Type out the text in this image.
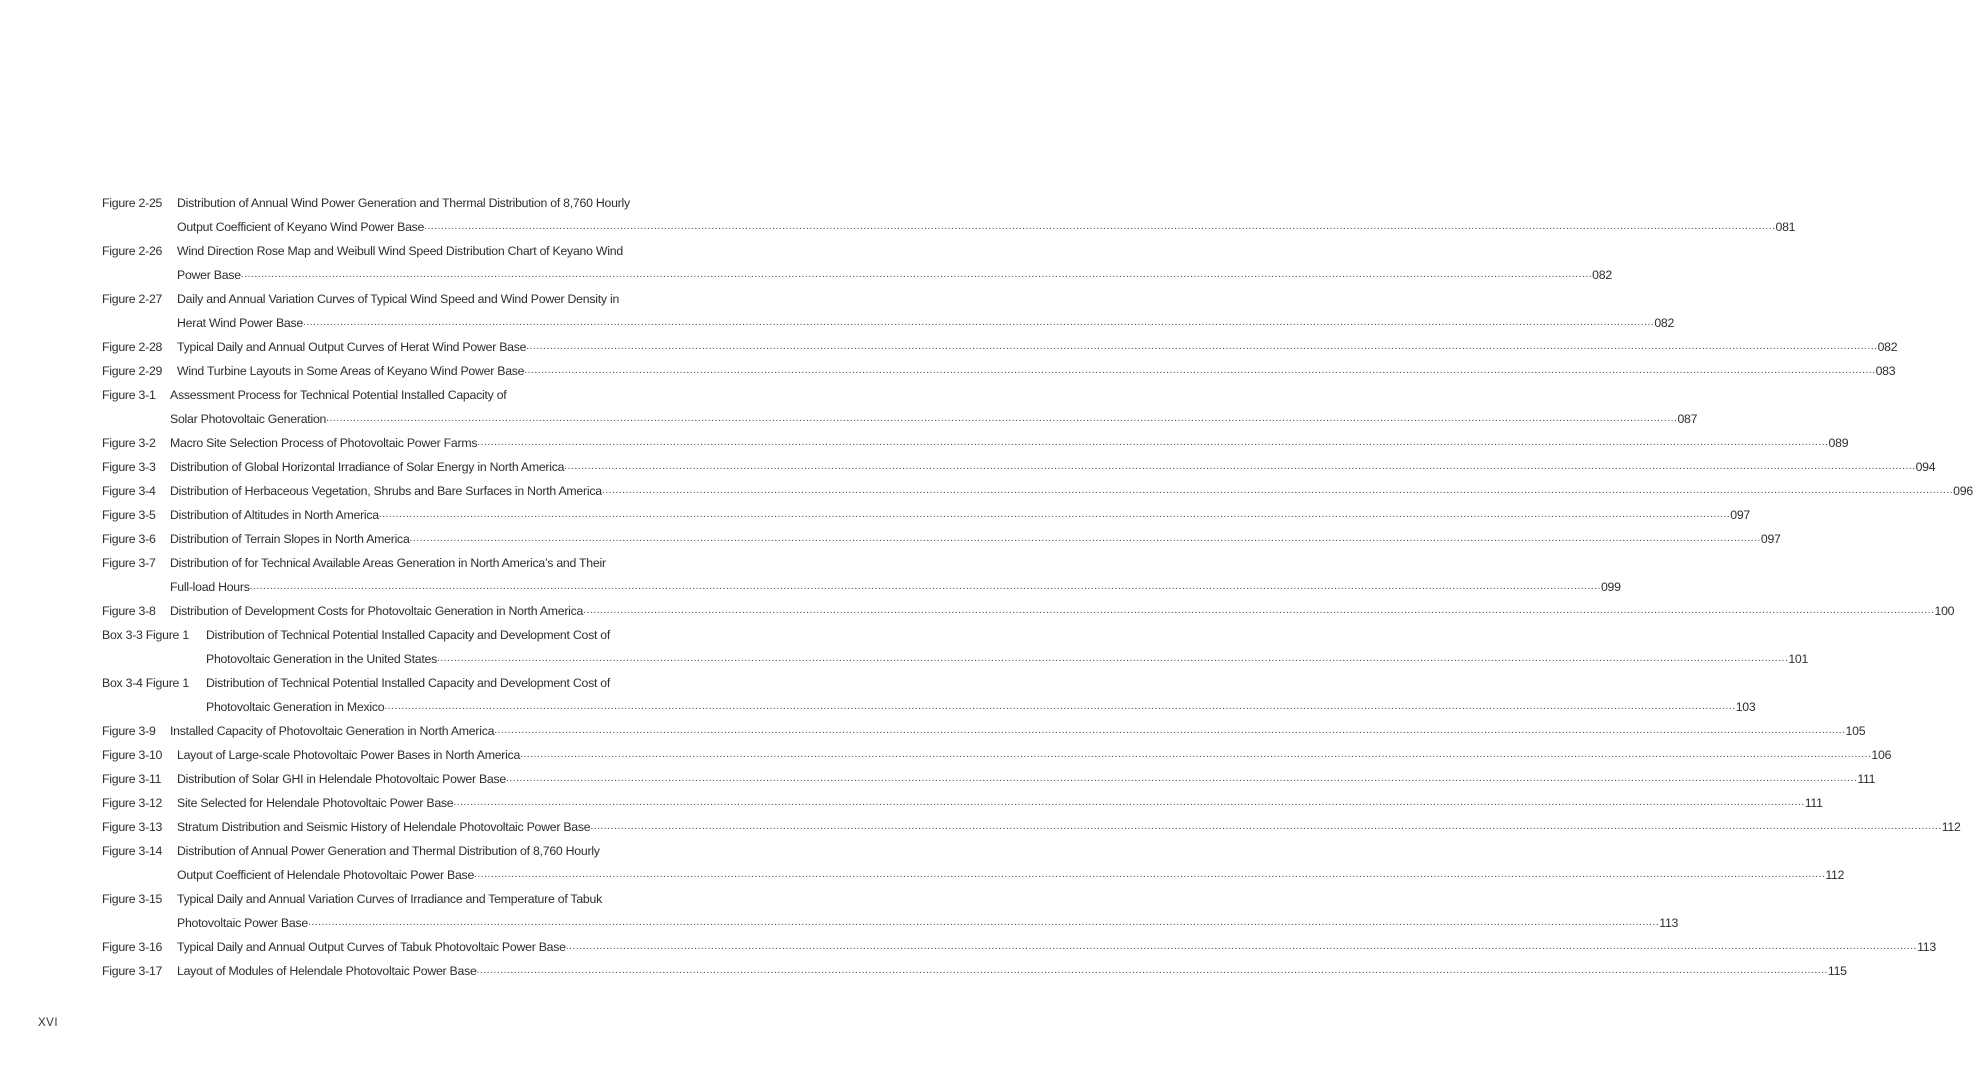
Figure 2-25	Distribution of Annual Wind Power Generation and Thermal Distribution of 8,760 Hourly
Output Coefficient of Keyano Wind Power Base ................................................................................................................................................................................................................................................................................................................................................................................................................ 081
Figure 2-26	Wind Direction Rose Map and Weibull Wind Speed Distribution Chart of Keyano Wind
Power Base ................................................................................................................................................................................................................................................................................................................................................................................................................ 082
Figure 2-27	Daily and Annual Variation Curves of Typical Wind Speed and Wind Power Density in
Herat Wind Power Base ................................................................................................................................................................................................................................................................................................................................................................................................................ 082
Figure 2-28	Typical Daily and Annual Output Curves of Herat Wind Power Base ................................................................................................................................................................................................................................................................................................................................................................................................................ 082
Figure 2-29	Wind Turbine Layouts in Some Areas of Keyano Wind Power Base ................................................................................................................................................................................................................................................................................................................................................................................................................ 083
Figure 3-1	Assessment Process for Technical Potential Installed Capacity of
Solar Photovoltaic Generation ................................................................................................................................................................................................................................................................................................................................................................................................................ 087
Figure 3-2	Macro Site Selection Process of Photovoltaic Power Farms ................................................................................................................................................................................................................................................................................................................................................................................................................ 089
Figure 3-3	Distribution of Global Horizontal Irradiance of Solar Energy in North America ................................................................................................................................................................................................................................................................................................................................................................................................................ 094
Figure 3-4	Distribution of Herbaceous Vegetation, Shrubs and Bare Surfaces in North America ................................................................................................................................................................................................................................................................................................................................................................................................................ 096
Figure 3-5	Distribution of Altitudes in North America ................................................................................................................................................................................................................................................................................................................................................................................................................ 097
Figure 3-6	Distribution of Terrain Slopes in North America ................................................................................................................................................................................................................................................................................................................................................................................................................ 097
Figure 3-7	Distribution of for Technical Available Areas Generation in North America’s and Their
Full-load Hours ................................................................................................................................................................................................................................................................................................................................................................................................................ 099
Figure 3-8	Distribution of Development Costs for Photovoltaic Generation in North America ................................................................................................................................................................................................................................................................................................................................................................................................................ 100
Box 3-3 Figure 1	Distribution of Technical Potential Installed Capacity and Development Cost of
Photovoltaic Generation in the United States ................................................................................................................................................................................................................................................................................................................................................................................................................ 101
Box 3-4 Figure 1	Distribution of Technical Potential Installed Capacity and Development Cost of
Photovoltaic Generation in Mexico ................................................................................................................................................................................................................................................................................................................................................................................................................ 103
Figure 3-9	Installed Capacity of Photovoltaic Generation in North America ................................................................................................................................................................................................................................................................................................................................................................................................................ 105
Figure 3-10	Layout of Large-scale Photovoltaic Power Bases in North America ................................................................................................................................................................................................................................................................................................................................................................................................................ 106
Figure 3-11	Distribution of Solar GHI in Helendale Photovoltaic Power Base ................................................................................................................................................................................................................................................................................................................................................................................................................ 111
Figure 3-12	Site Selected for Helendale Photovoltaic Power Base ................................................................................................................................................................................................................................................................................................................................................................................................................ 111
Figure 3-13	Stratum Distribution and Seismic History of Helendale Photovoltaic Power Base ................................................................................................................................................................................................................................................................................................................................................................................................................ 112
Figure 3-14	Distribution of Annual Power Generation and Thermal Distribution of 8,760 Hourly
Output Coefficient of Helendale Photovoltaic Power Base ................................................................................................................................................................................................................................................................................................................................................................................................................ 112
Figure 3-15	Typical Daily and Annual Variation Curves of Irradiance and Temperature of Tabuk
Photovoltaic Power Base ................................................................................................................................................................................................................................................................................................................................................................................................................ 113
Figure 3-16	Typical Daily and Annual Output Curves of Tabuk Photovoltaic Power Base ................................................................................................................................................................................................................................................................................................................................................................................................................ 113
Figure 3-17	Layout of Modules of Helendale Photovoltaic Power Base ................................................................................................................................................................................................................................................................................................................................................................................................................ 115
XVI
